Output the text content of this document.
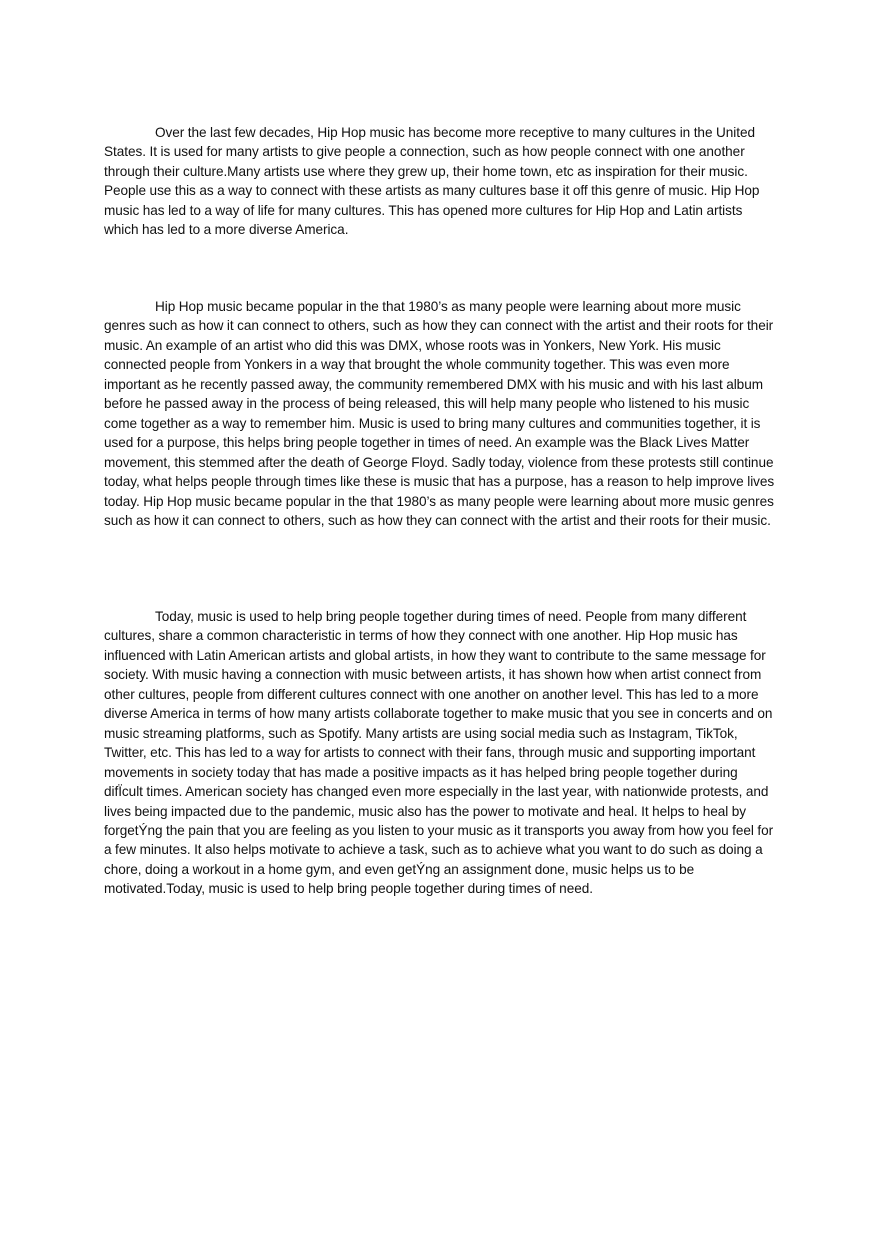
Over the last few decades, Hip Hop music has become more receptive to many cultures in the United States. It is used for many artists to give people a connection, such as how people connect with one another through their culture.Many artists use where they grew up, their home town, etc as inspiration for their music. People use this as a way to connect with these artists as many cultures base it off this genre of music. Hip Hop music has led to a way of life for many cultures. This has opened more cultures for Hip Hop and Latin artists which has led to a more diverse America.

Hip Hop music became popular in the that 1980’s as many people were learning about more music genres such as how it can connect to others, such as how they can connect with the artist and their roots for their music. An example of an artist who did this was DMX, whose roots was in Yonkers, New York. His music connected people from Yonkers in a way that brought the whole community together. This was even more important as he recently passed away, the community remembered DMX with his music and with his last album before he passed away in the process of being released, this will help many people who listened to his music come together as a way to remember him. Music is used to bring many cultures and communities together, it is used for a purpose, this helps bring people together in times of need. An example was the Black Lives Matter movement, this stemmed after the death of George Floyd. Sadly today, violence from these protests still continue today, what helps people through times like these is music that has a purpose, has a reason to help improve lives today. Hip Hop music became popular in the that 1980’s as many people were learning about more music genres such as how it can connect to others, such as how they can connect with the artist and their roots for their music.

Today, music is used to help bring people together during times of need. People from many different cultures, share a common characteristic in terms of how they connect with one another. Hip Hop music has influenced with Latin American artists and global artists, in how they want to contribute to the same message for society. With music having a connection with music between artists, it has shown how when artist connect from other cultures, people from different cultures connect with one another on another level. This has led to a more diverse America in terms of how many artists collaborate together to make music that you see in concerts and on music streaming platforms, such as Spotify. Many artists are using social media such as Instagram, TikTok, Twitter, etc. This has led to a way for artists to connect with their fans, through music and supporting important movements in society today that has made a positive impacts as it has helped bring people together during difÏcult times. American society has changed even more especially in the last year, with nationwide protests, and lives being impacted due to the pandemic, music also has the power to motivate and heal. It helps to heal by forgetÝng the pain that you are feeling as you listen to your music as it transports you away from how you feel for a few minutes. It also helps motivate to achieve a task, such as to achieve what you want to do such as doing a chore, doing a workout in a home gym, and even getÝng an assignment done, music helps us to be motivated.Today, music is used to help bring people together during times of need.
